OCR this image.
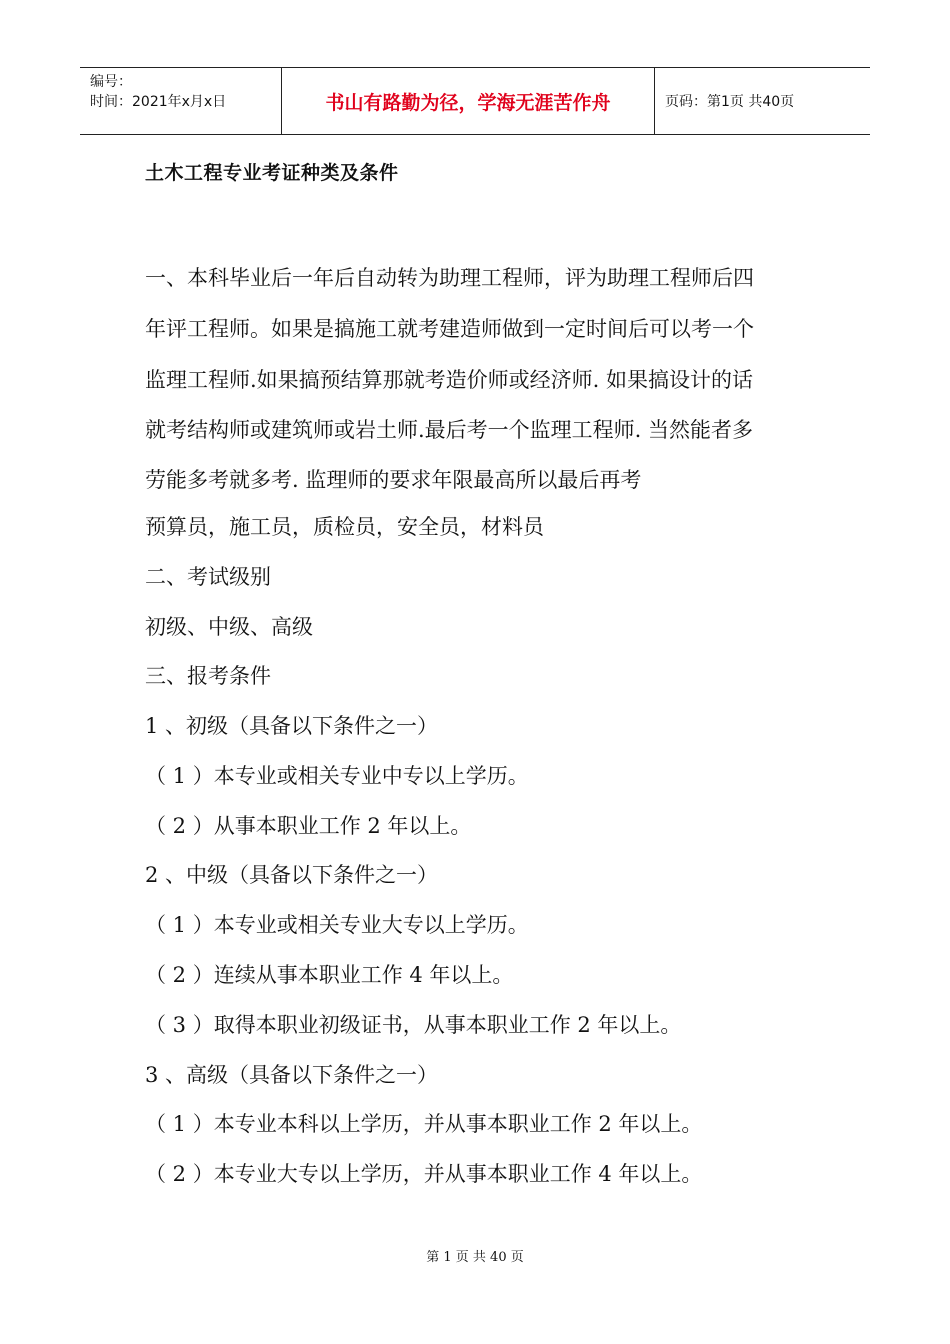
编号：
时间：2021年x月x日	书山有路勤为径，学海无涯苦作舟	页码：第1页 共40页
土木工程专业考证种类及条件
一、本科毕业后一年后自动转为助理工程师，评为助理工程师后四
年评工程师。如果是搞施工就考建造师做到一定时间后可以考一个
监理工程师.如果搞预结算那就考造价师或经济师. 如果搞设计的话
就考结构师或建筑师或岩土师.最后考一个监理工程师. 当然能者多
劳能多考就多考. 监理师的要求年限最高所以最后再考
预算员，施工员，质检员，安全员，材料员
二、考试级别
初级、中级、高级
三、报考条件
1 、初级（具备以下条件之一）
（ 1 ）本专业或相关专业中专以上学历。
（ 2 ）从事本职业工作 2 年以上。
2 、中级（具备以下条件之一）
（ 1 ）本专业或相关专业大专以上学历。
（ 2 ）连续从事本职业工作 4 年以上。
（ 3 ）取得本职业初级证书，从事本职业工作 2 年以上。
3 、高级（具备以下条件之一）
（ 1 ）本专业本科以上学历，并从事本职业工作 2 年以上。
（ 2 ）本专业大专以上学历，并从事本职业工作 4 年以上。
第 1 页 共 40 页
